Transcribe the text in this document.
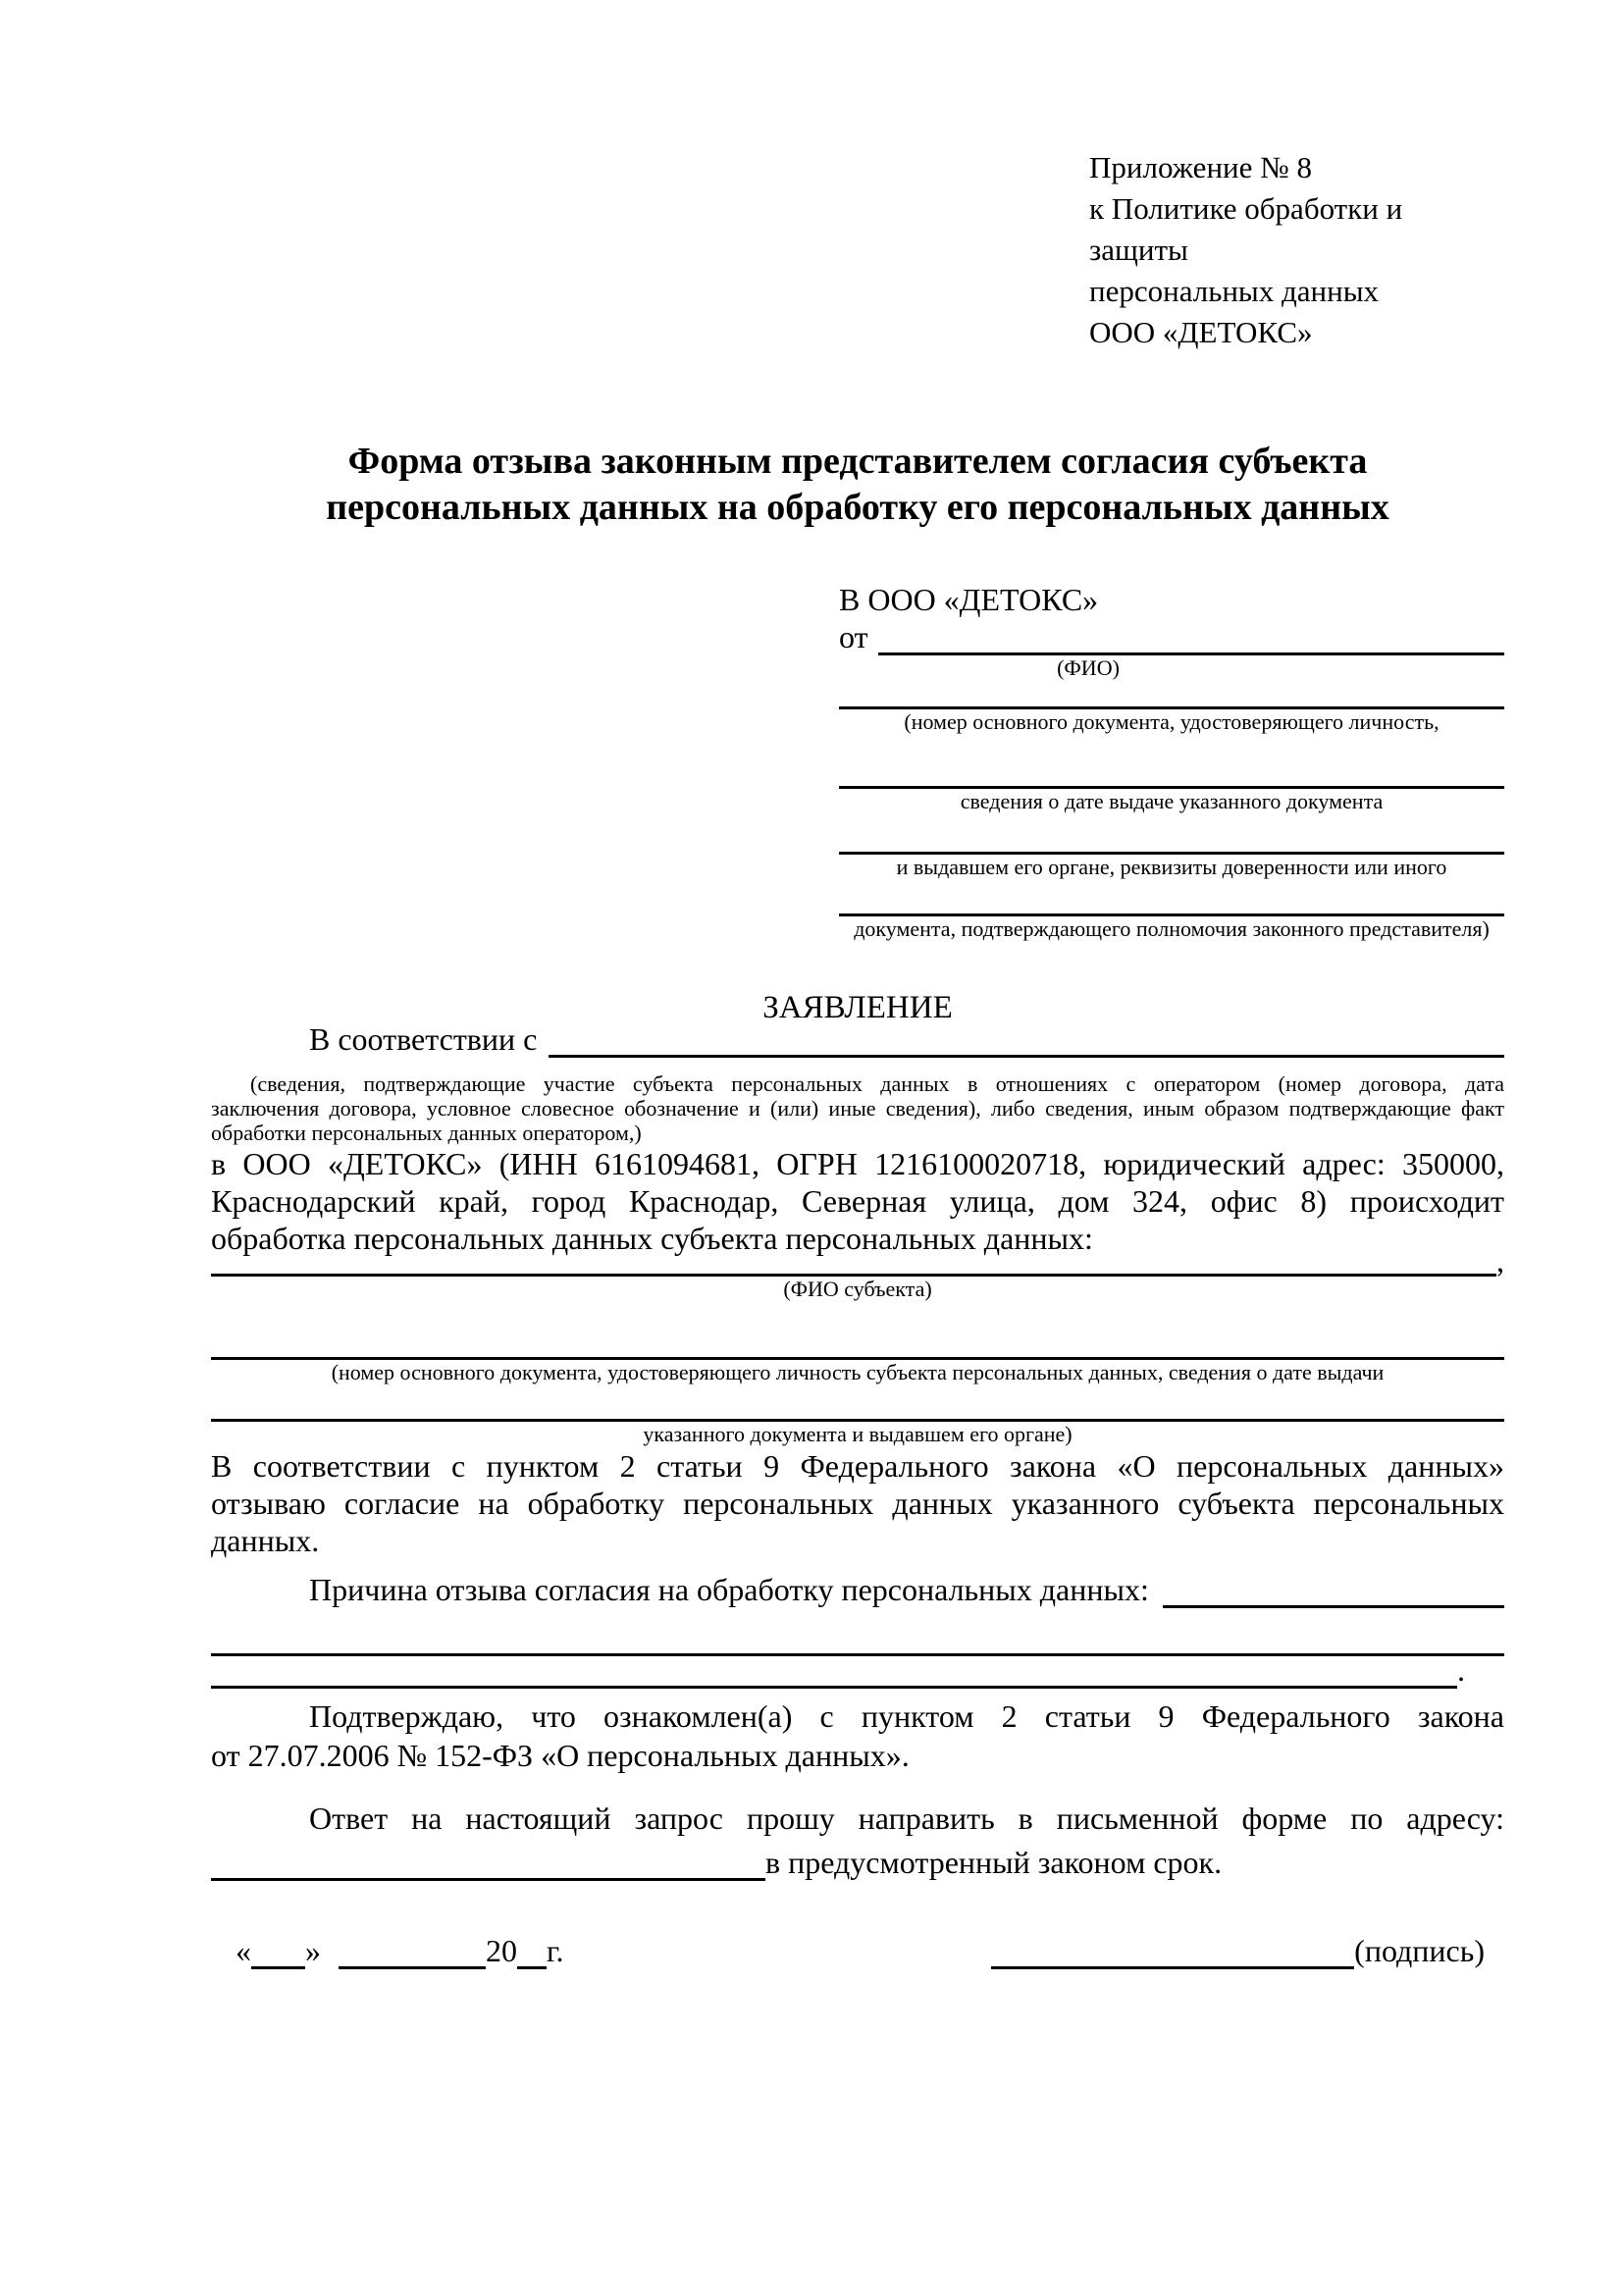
Приложение № 8
к Политике обработки и защиты
персональных данных
ООО «ДЕТОКС»
Форма отзыва законным представителем согласия субъекта
персональных данных на обработку его персональных данных
В ООО «ДЕТОКС»
от
(ФИО)
(номер основного документа, удостоверяющего личность,
сведения о дате выдаче указанного документа
и выдавшем его органе, реквизиты доверенности или иного
документа, подтверждающего полномочия законного представителя)
ЗАЯВЛЕНИЕ
В соответствии с
(сведения, подтверждающие участие субъекта персональных данных в отношениях с оператором (номер договора, дата
заключения договора, условное словесное обозначение и (или) иные сведения), либо сведения, иным образом подтверждающие факт
обработки персональных данных оператором,)
в ООО «ДЕТОКС» (ИНН 6161094681, ОГРН 1216100020718, юридический адрес: 350000,
Краснодарский край, город Краснодар, Северная улица, дом 324, офис 8) происходит
обработка персональных данных субъекта персональных данных:
,
(ФИО субъекта)
(номер основного документа, удостоверяющего личность субъекта персональных данных, сведения о дате выдачи
указанного документа и выдавшем его органе)
В соответствии с пунктом 2 статьи 9 Федерального закона «О персональных данных»
отзываю согласие на обработку персональных данных указанного субъекта персональных
данных.
Причина отзыва согласия на обработку персональных данных:
.
Подтверждаю, что ознакомлен(а) с пунктом 2 статьи 9 Федерального закона
от 27.07.2006 № 152-ФЗ «О персональных данных».
Ответ на настоящий запрос прошу направить в письменной форме по адресу:
в предусмотренный законом срок.
« »	20 г.	(подпись)
